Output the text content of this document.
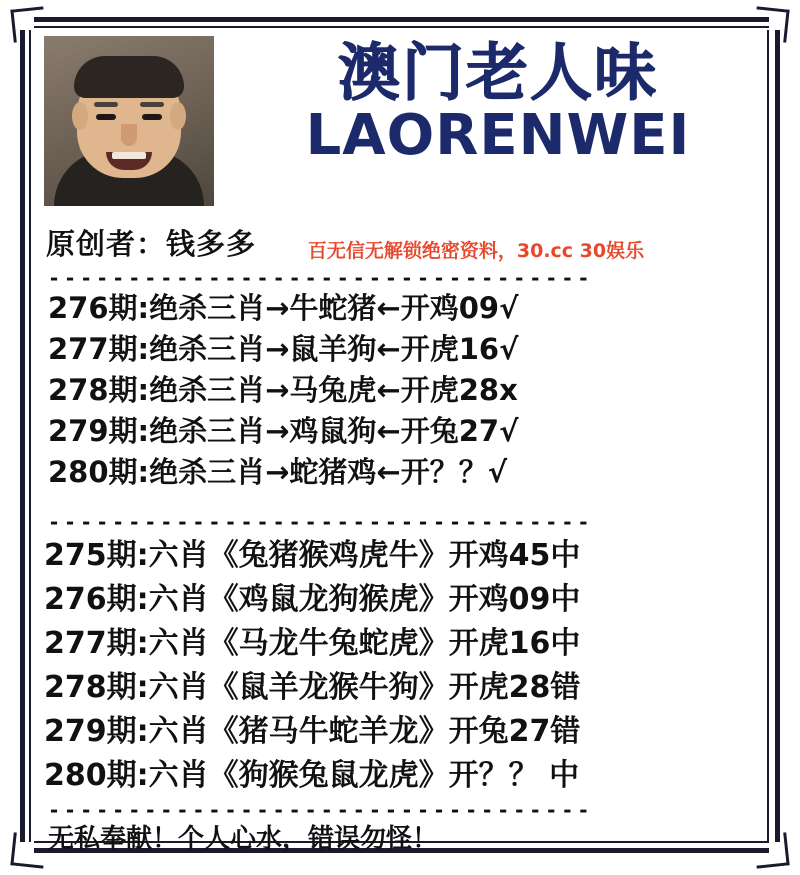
澳门老人味
LAORENWEI
原创者：钱多多	百无信无解锁绝密资料，30.cc 30娱乐
----------------------------------
276期:绝杀三肖→牛蛇猪←开鸡09√
277期:绝杀三肖→鼠羊狗←开虎16√
278期:绝杀三肖→马兔虎←开虎28x
279期:绝杀三肖→鸡鼠狗←开兔27√
280期:绝杀三肖→蛇猪鸡←开？？√
----------------------------------
275期:六肖《兔猪猴鸡虎牛》开鸡45中
276期:六肖《鸡鼠龙狗猴虎》开鸡09中
277期:六肖《马龙牛兔蛇虎》开虎16中
278期:六肖《鼠羊龙猴牛狗》开虎28错
279期:六肖《猪马牛蛇羊龙》开兔27错
280期:六肖《狗猴兔鼠龙虎》开？？ 中
----------------------------------
无私奉献！个人心水，错误勿怪！
